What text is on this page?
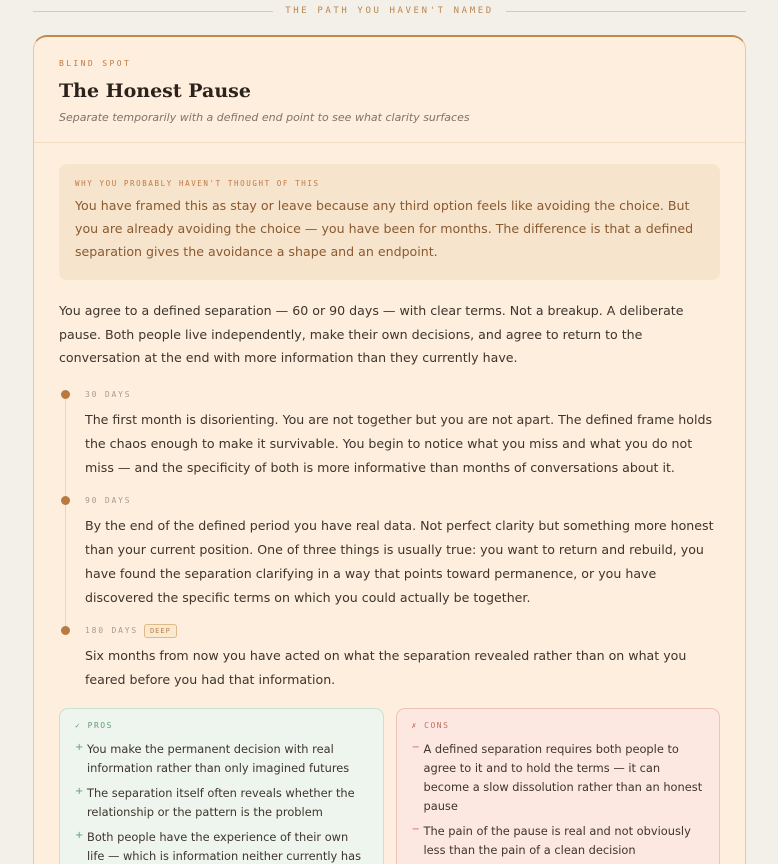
THE PATH YOU HAVEN'T NAMED
BLIND SPOT
The Honest Pause
Separate temporarily with a defined end point to see what clarity surfaces
WHY YOU PROBABLY HAVEN'T THOUGHT OF THIS
You have framed this as stay or leave because any third option feels like avoiding the choice. But you are already avoiding the choice — you have been for months. The difference is that a defined separation gives the avoidance a shape and an endpoint.

You agree to a defined separation — 60 or 90 days — with clear terms. Not a breakup. A deliberate pause. Both people live independently, make their own decisions, and agree to return to the conversation at the end with more information than they currently have.

30 DAYS
The first month is disorienting. You are not together but you are not apart. The defined frame holds the chaos enough to make it survivable. You begin to notice what you miss and what you do not miss — and the specificity of both is more informative than months of conversations about it.
90 DAYS
By the end of the defined period you have real data. Not perfect clarity but something more honest than your current position. One of three things is usually true: you want to return and rebuild, you have found the separation clarifying in a way that points toward permanence, or you have discovered the specific terms on which you could actually be together.
180 DAYS	DEEP
Six months from now you have acted on what the separation revealed rather than on what you feared before you had that information.
✓ PROS
+ You make the permanent decision with real information rather than only imagined futures
+ The separation itself often reveals whether the relationship or the pattern is the problem
+ Both people have the experience of their own life — which is information neither currently has
✗ CONS
− A defined separation requires both people to agree to it and to hold the terms — it can become a slow dissolution rather than an honest pause
− The pain of the pause is real and not obviously less than the pain of a clean decision
